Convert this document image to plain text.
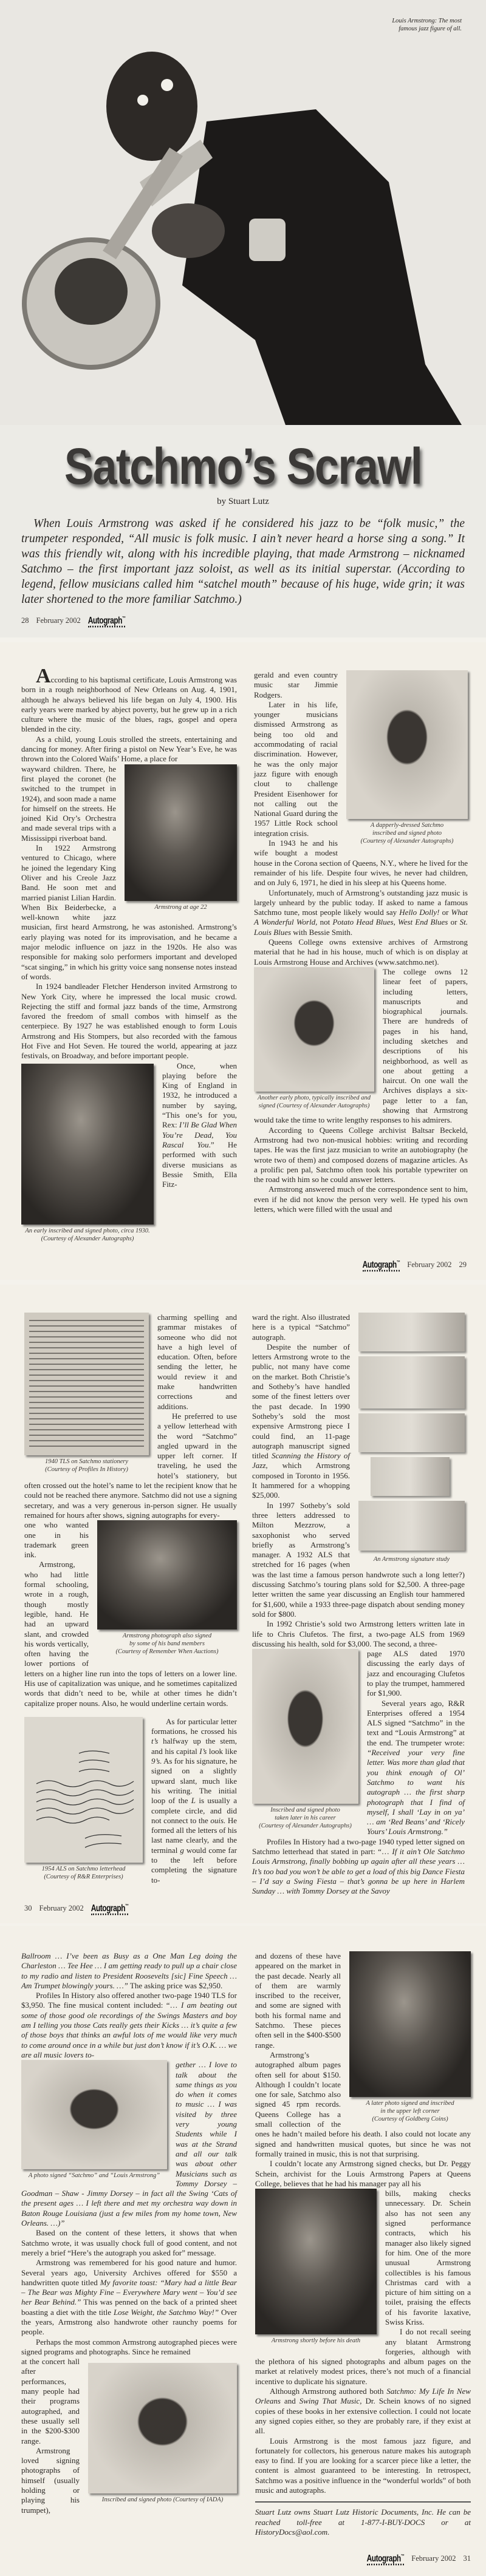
Louis Armstrong: The most
famous jazz figure of all.
Satchmo’s Scrawl
by Stuart Lutz
When Louis Armstrong was asked if he considered his jazz to be “folk music,” the trumpeter responded, “All music is folk music. I ain’t never heard a horse sing a song.” It was this friendly wit, along with his incredible playing, that made Armstrong – nicknamed Satchmo – the first important jazz soloist, as well as its initial superstar. (According to legend, fellow musicians called him “satchel mouth” because of his huge, wide grin; it was later shortened to the more familiar Satchmo.)
28 February 2002 Autograph™

According to his baptismal certificate, Louis Armstrong was born in a rough neighborhood of New Orleans on Aug. 4, 1901, although he always believed his life began on July 4, 1900. His early years were marked by abject poverty, but he grew up in a rich culture where the music of the blues, rags, gospel and opera blended in the city.

As a child, young Louis strolled the streets, entertaining and dancing for money. After firing a pistol on New Year’s Eve, he was thrown into the Colored Waifs’ Home, a place for

Armstrong at age 22

wayward children. There, he first played the coronet (he switched to the trumpet in 1924), and soon made a name for himself on the streets. He joined Kid Ory’s Orchestra and made several trips with a Mississippi riverboat band.

In 1922 Armstrong ventured to Chicago, where he joined the legendary King Oliver and his Creole Jazz Band. He soon met and married pianist Lilian Hardin. When Bix Beiderbecke, a well-known white jazz musician, first heard Armstrong, he was astonished. Armstrong’s early playing was noted for its improvisation, and he became a major melodic influence on jazz in the 1920s. He also was responsible for making solo performers important and developed “scat singing,” in which his gritty voice sang nonsense notes instead of words.

In 1924 bandleader Fletcher Henderson invited Armstrong to New York City, where he impressed the local music crowd. Rejecting the stiff and formal jazz bands of the time, Armstrong favored the freedom of small combos with himself as the centerpiece. By 1927 he was established enough to form Louis Armstrong and His Stompers, but also recorded with the famous Hot Five and Hot Seven. He toured the world, appearing at jazz festivals, on Broadway, and before important people.

An early inscribed and signed photo, circa 1930.
(Courtesy of Alexander Autographs)

Once, when playing before the King of England in 1932, he introduced a number by saying, “This one’s for you, Rex: I’ll Be Glad When You’re Dead, You Rascal You.” He performed with such diverse musicians as Bessie Smith, Ella Fitz-

A dapperly-dressed Satchmo
inscribed and signed photo
(Courtesy of Alexander Autographs)

gerald and even country music star Jimmie Rodgers.

Later in his life, younger musicians dismissed Armstrong as being too old and accommodating of racial discrimination. However, he was the only major jazz figure with enough clout to challenge President Eisenhower for not calling out the National Guard during the 1957 Little Rock school integration crisis.

In 1943 he and his wife bought a modest house in the Corona section of Queens, N.Y., where he lived for the remainder of his life. Despite four wives, he never had children, and on July 6, 1971, he died in his sleep at his Queens home.

Unfortunately, much of Armstrong’s outstanding jazz music is largely unheard by the public today. If asked to name a famous Satchmo tune, most people likely would say Hello Dolly! or What A Wonderful World, not Potato Head Blues, West End Blues or St. Louis Blues with Bessie Smith.

Queens College owns extensive archives of Armstrong material that he had in his house, much of which is on display at Louis Armstrong House and Archives (www.satchmo.net).

Another early photo, typically inscribed and
signed (Courtesy of Alexander Autographs)

The college owns 12 linear feet of papers, including letters, manuscripts and biographical journals. There are hundreds of pages in his hand, including sketches and descriptions of his neighborhood, as well as one about getting a haircut. On one wall the Archives displays a six-page letter to a fan, showing that Armstrong would take the time to write lengthy responses to his admirers.

According to Queens College archivist Baltsar Beckeld, Armstrong had two non-musical hobbies: writing and recording tapes. He was the first jazz musician to write an autobiography (he wrote two of them) and composed dozens of magazine articles. As a prolific pen pal, Satchmo often took his portable typewriter on the road with him so he could answer letters.

Armstrong answered much of the correspondence sent to him, even if he did not know the person very well. He typed his own letters, which were filled with the usual and

Autograph™ February 2002 29
1940 TLS on Satchmo stationery
(Courtesy of Profiles In History)

charming spelling and grammar mistakes of someone who did not have a high level of education. Often, before sending the letter, he would review it and make handwritten corrections and additions.

He preferred to use a yellow letterhead with the word “Satchmo” angled upward in the upper left corner. If traveling, he used the hotel’s stationery, but often crossed out the hotel’s name to let the recipient know that he could not be reached there anymore. Satchmo did not use a signing secretary, and was a very generous in-person signer. He usually remained for hours after shows, signing autographs for every-

Armstrong photograph also signed
by some of his band members
(Courtesy of Remember When Auctions)

one who wanted one in his trademark green ink.

Armstrong, who had little formal schooling, wrote in a rough, though mostly legible, hand. He had an upward slant, and crowded his words vertically, often having the lower portions of letters on a higher line run into the tops of letters on a lower line. His use of capitalization was unique, and he sometimes capitalized words that didn’t need to be, while at other times he didn’t capitalize proper nouns. Also, he would underline certain words.

1954 ALS on Satchmo letterhead
(Courtesy of R&R Enterprises)

As for particular letter formations, he crossed his t’s halfway up the stem, and his capital I’s look like 9’s. As for his signature, he signed on a slightly upward slant, much like his writing. The initial loop of the L is usually a complete circle, and did not connect to the ouis. He formed all the letters of his last name clearly, and the terminal g would come far to the left before completing the signature to-

An Armstrong signature study

ward the right. Also illustrated here is a typical “Satchmo” autograph.

Despite the number of letters Armstrong wrote to the public, not many have come on the market. Both Christie’s and Sotheby’s have handled some of the finest letters over the past decade. In 1990 Sotheby’s sold the most expensive Armstrong piece I could find, an 11-page autograph manuscript signed titled Scanning the History of Jazz, which Armstrong composed in Toronto in 1956. It hammered for a whopping $25,000.

In 1997 Sotheby’s sold three letters addressed to Milton Mezzrow, a saxophonist who served briefly as Armstrong’s manager. A 1932 ALS that stretched for 16 pages (when was the last time a famous person handwrote such a long letter?) discussing Satchmo’s touring plans sold for $2,500. A three-page letter written the same year discussing an English tour hammered for $1,600, while a 1933 three-page dispatch about sending money sold for $800.

In 1992 Christie’s sold two Armstrong letters written late in life to Chris Clufetos. The first, a two-page ALS from 1969 discussing his health, sold for $3,000. The second, a three-

Inscribed and signed photo
taken later in his career
(Courtesy of Alexander Autographs)

page ALS dated 1970 discussing the early days of jazz and encouraging Clufetos to play the trumpet, hammered for $1,900.

Several years ago, R&R Enterprises offered a 1954 ALS signed “Satchmo” in the text and “Louis Armstrong” at the end. The trumpeter wrote: “Received your very fine letter. Was more than glad that you think enough of Ol’ Satchmo to want his autograph … the first sharp photograph that I find of myself, I shall ‘Lay in on ya’ … am ‘Red Beans’ and ‘Ricely Yours’ Louis Armstrong.”

Profiles In History had a two-page 1940 typed letter signed on Satchmo letterhead that stated in part: “… If it ain’t Ole Satchmo Louis Armstrong, finally bobbing up again after all these years … It’s too bad you won’t be able to get a load of this big Dance Fiesta – I’d say a Swing Fiesta – that’s gonna be up here in Harlem Sunday … with Tommy Dorsey at the Savoy

30 February 2002 Autograph™

Ballroom … I’ve been as Busy as a One Man Leg doing the Charleston … Tee Hee … I am getting ready to pull up a chair close to my radio and listen to President Roosevelts [sic] Fine Speech … Am Trumpet blowingly yours. …” The asking price was $2,950.

Profiles In History also offered another two-page 1940 TLS for $3,950. The fine musical content included: “… I am beating out some of those good ole recordings of the Swings Masters and boy am I telling you those Cats really gets their Kicks … it’s quite a few of those boys that thinks an awful lots of me would like very much to come around once in a while but just don’t know if it’s O.K. … we are all music lovers to-

A photo signed “Satchmo” and “Louis Armstrong”

gether … I love to talk about the same things as you do when it comes to music … I was visited by three very young Students while I was at the Strand and all our talk was about other Musicians such as Tommy Dorsey – Goodman – Shaw - Jimmy Dorsey – in fact all the Swing ‘Cats of the present ages … I left there and met my orchestra way down in Baton Rouge Louisiana (just a few miles from my home town, New Orleans. …)”

Based on the content of these letters, it shows that when Satchmo wrote, it was usually chock full of good content, and not merely a brief “Here’s the autograph you asked for” message.

Armstrong was remembered for his good nature and humor. Several years ago, University Archives offered for $550 a handwritten quote titled My favorite toast: “Mary had a little Bear – The Bear was Mighty Fine – Everywhere Mary went – You’d see her Bear Behind.” This was penned on the back of a printed sheet boasting a diet with the title Lose Weight, the Satchmo Way!” Over the years, Armstrong also handwrote other raunchy poems for people.

Perhaps the most common Armstrong autographed pieces were signed programs and photographs. Since he remained

Inscribed and signed photo (Courtesy of IADA)

at the concert hall after performances, many people had their programs autographed, and these usually sell in the $200-$300 range.

Armstrong loved signing photographs of himself (usually holding or playing his trumpet),

A later photo signed and inscribed
in the upper left corner
(Courtesy of Goldberg Coins)

and dozens of these have appeared on the market in the past decade. Nearly all of them are warmly inscribed to the receiver, and some are signed with both his formal name and Satchmo. These pieces often sell in the $400-$500 range.

Armstrong’s autographed album pages often sell for about $150. Although I couldn’t locate one for sale, Satchmo also signed 45 rpm records. Queens College has a small collection of the ones he hadn’t mailed before his death. I also could not locate any signed and handwritten musical quotes, but since he was not formally trained in music, this is not that surprising.

I couldn’t locate any Armstrong signed checks, but Dr. Peggy Schein, archivist for the Louis Armstrong Papers at Queens College, believes that he had his manager pay all his

Armstrong shortly before his death

bills, making checks unnecessary. Dr. Schein also has not seen any signed performance contracts, which his manager also likely signed for him. One of the more unusual Armstrong collectibles is his famous Christmas card with a picture of him sitting on a toilet, praising the effects of his favorite laxative, Swiss Kriss.

I do not recall seeing any blatant Armstrong forgeries, although with the plethora of his signed photographs and album pages on the market at relatively modest prices, there’s not much of a financial incentive to duplicate his signature.

Although Armstrong authored both Satchmo: My Life In New Orleans and Swing That Music, Dr. Schein knows of no signed copies of these books in her extensive collection. I could not locate any signed copies either, so they are probably rare, if they exist at all.

Louis Armstrong is the most famous jazz figure, and fortunately for collectors, his generous nature makes his autograph easy to find. If you are looking for a scarcer piece like a letter, the content is almost guaranteed to be interesting. In retrospect, Satchmo was a positive influence in the “wonderful worlds” of both music and autographs.

Stuart Lutz owns Stuart Lutz Historic Documents, Inc. He can be reached toll-free at 1-877-I-BUY-DOCS or at HistoryDocs@aol.com.

Autograph™ February 2002 31
